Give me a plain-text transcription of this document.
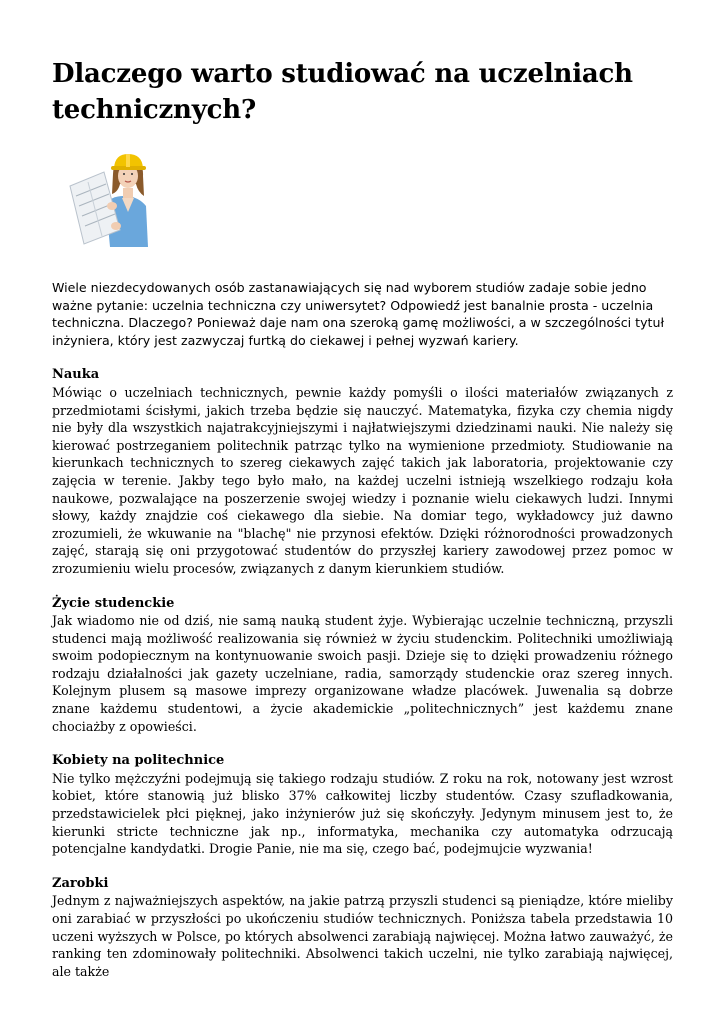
Dlaczego warto studiować na uczelniach technicznych?

Wiele niezdecydowanych osób zastanawiających się nad wyborem studiów zadaje sobie jedno ważne pytanie: uczelnia techniczna czy uniwersytet? Odpowiedź jest banalnie prosta - uczelnia techniczna. Dlaczego? Ponieważ daje nam ona szeroką gamę możliwości, a w szczególności tytuł inżyniera, który jest zazwyczaj furtką do ciekawej i pełnej wyzwań kariery.

Nauka

Mówiąc o uczelniach technicznych, pewnie każdy pomyśli o ilości materiałów związanych z przedmiotami ścisłymi, jakich trzeba będzie się nauczyć. Matematyka, fizyka czy chemia nigdy nie były dla wszystkich najatrakcyjniejszymi i najłatwiejszymi dziedzinami nauki. Nie należy się kierować postrzeganiem politechnik patrząc tylko na wymienione przedmioty. Studiowanie na kierunkach technicznych to szereg ciekawych zajęć takich jak laboratoria, projektowanie czy zajęcia w terenie. Jakby tego było mało, na każdej uczelni istnieją wszelkiego rodzaju koła naukowe, pozwalające na poszerzenie swojej wiedzy i poznanie wielu ciekawych ludzi. Innymi słowy, każdy znajdzie coś ciekawego dla siebie. Na domiar tego, wykładowcy już dawno zrozumieli, że wkuwanie na "blachę" nie przynosi efektów. Dzięki różnorodności prowadzonych zajęć, starają się oni przygotować studentów do przyszłej kariery zawodowej przez pomoc w zrozumieniu wielu procesów, związanych z danym kierunkiem studiów.

Życie studenckie

Jak wiadomo nie od dziś, nie samą nauką student żyje. Wybierając uczelnie techniczną, przyszli studenci mają możliwość realizowania się również w życiu studenckim. Politechniki umożliwiają swoim podopiecznym na kontynuowanie swoich pasji. Dzieje się to dzięki prowadzeniu różnego rodzaju działalności jak gazety uczelniane, radia, samorządy studenckie oraz szereg innych. Kolejnym plusem są masowe imprezy organizowane władze placówek. Juwenalia są dobrze znane każdemu studentowi, a życie akademickie „politechnicznych” jest każdemu znane chociażby z opowieści.

Kobiety na politechnice

Nie tylko mężczyźni podejmują się takiego rodzaju studiów. Z roku na rok, notowany jest wzrost kobiet, które stanowią już blisko 37% całkowitej liczby studentów. Czasy szufladkowania, przedstawicielek płci pięknej, jako inżynierów już się skończyły. Jedynym minusem jest to, że kierunki stricte techniczne jak np., informatyka, mechanika czy automatyka odrzucają potencjalne kandydatki. Drogie Panie, nie ma się, czego bać, podejmujcie wyzwania!

Zarobki

Jednym z najważniejszych aspektów, na jakie patrzą przyszli studenci są pieniądze, które mieliby oni zarabiać w przyszłości po ukończeniu studiów technicznych. Poniższa tabela przedstawia 10 uczeni wyższych w Polsce, po których absolwenci zarabiają najwięcej. Można łatwo zauważyć, że ranking ten zdominowały politechniki. Absolwenci takich uczelni, nie tylko zarabiają najwięcej, ale także
